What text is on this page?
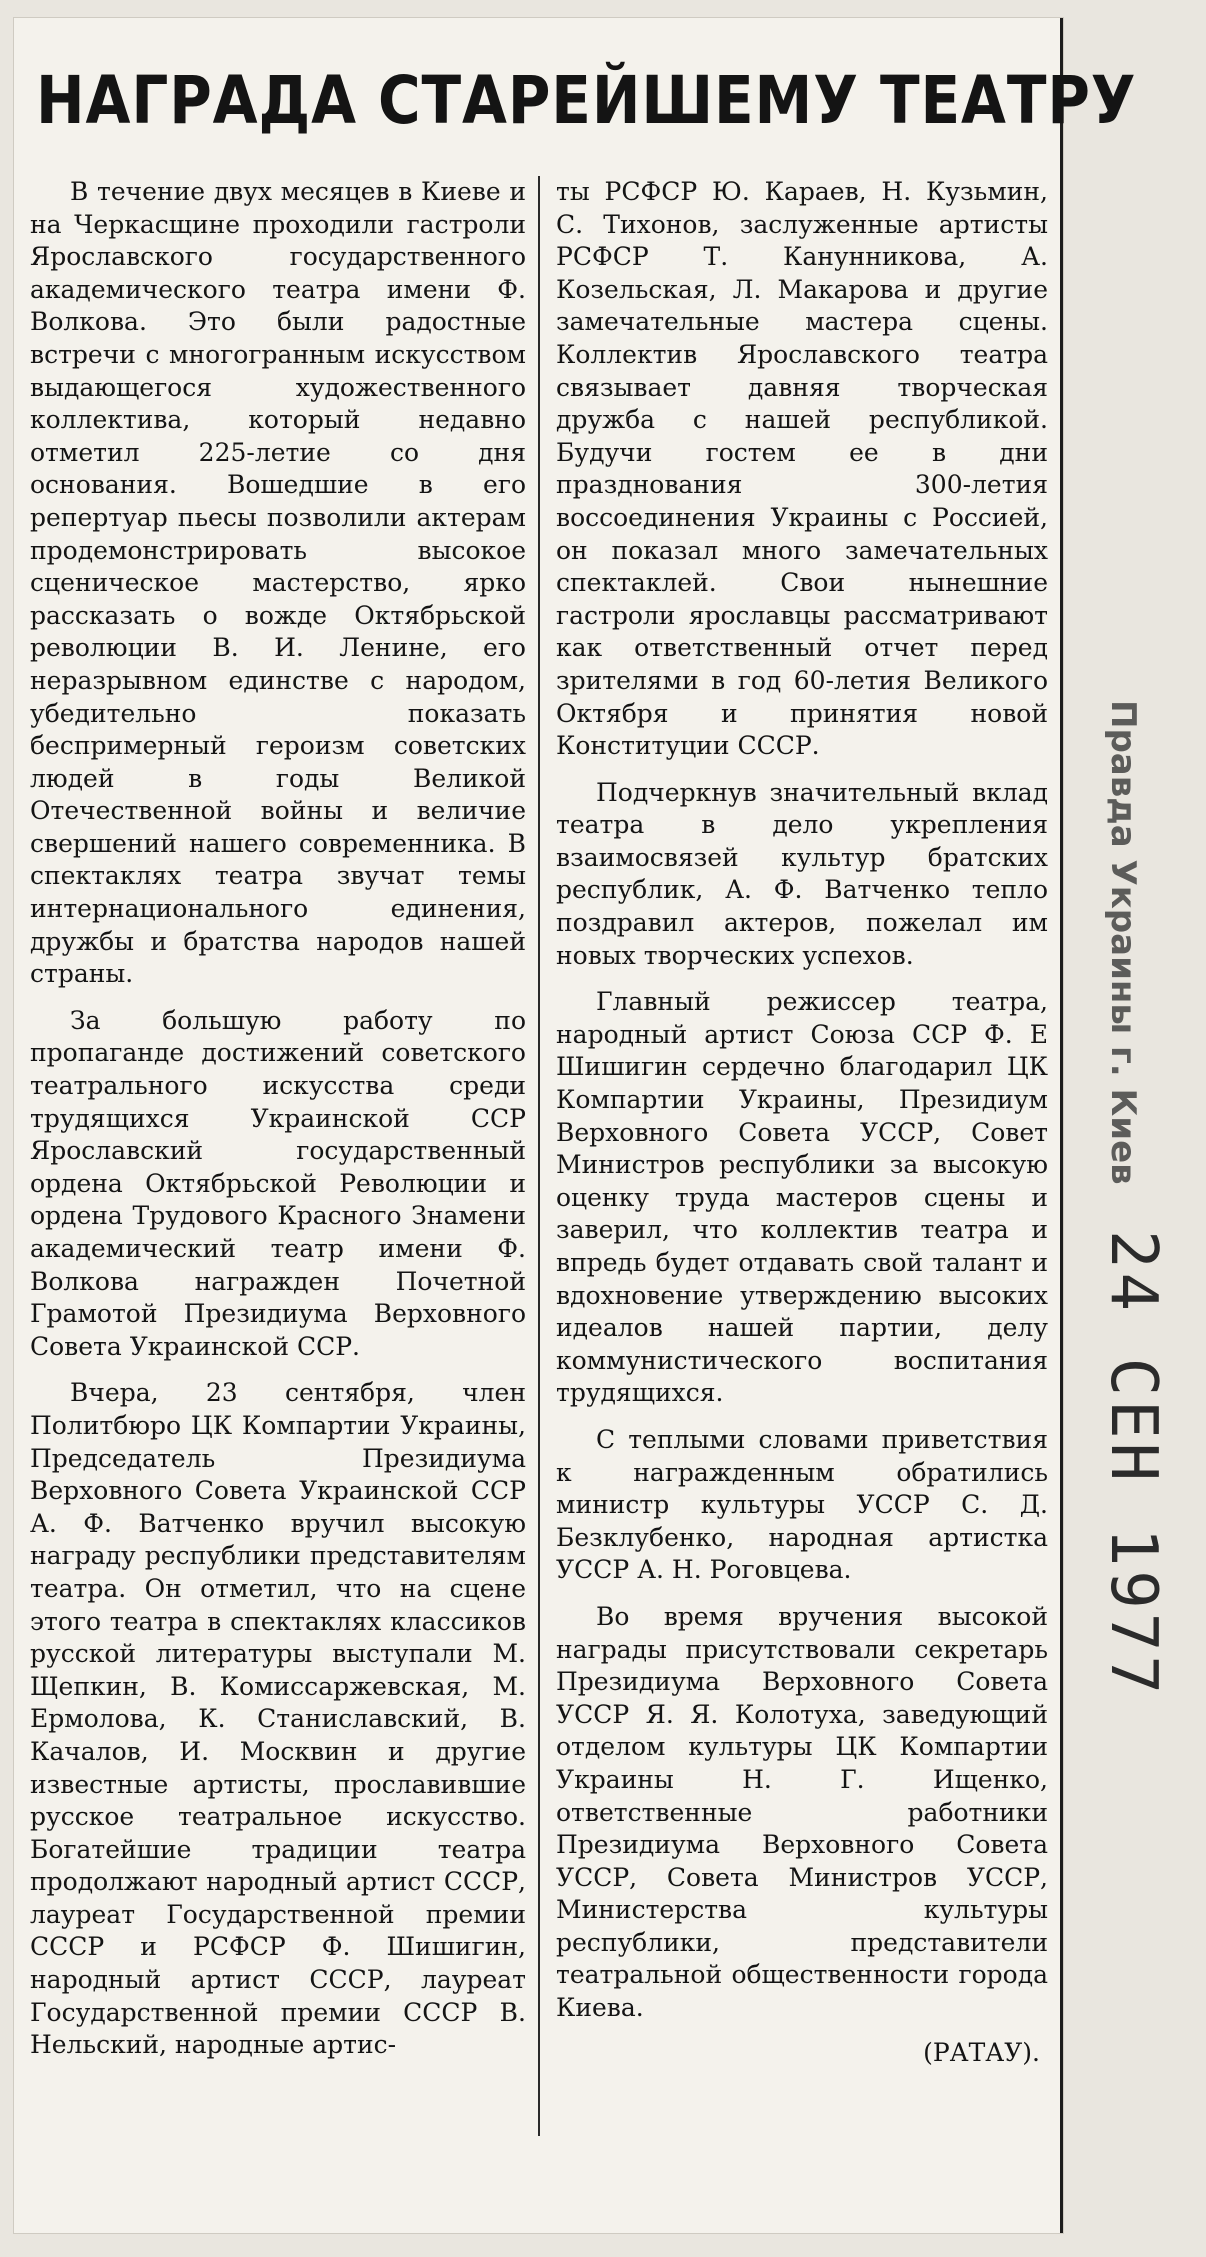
НАГРАДА СТАРЕЙШЕМУ ТЕАТРУ

В течение двух месяцев в Киеве и на Черкасщине проходили гастроли Ярославского государственного академического театра имени Ф. Волкова. Это были радостные встречи с многогранным искусством выдающегося художественного коллектива, который недавно отметил 225-летие со дня основания. Вошедшие в его репертуар пьесы позволили актерам продемонстрировать высокое сценическое мастерство, ярко рассказать о вожде Октябрьской революции В. И. Ленине, его неразрывном единстве с народом, убедительно показать беспримерный героизм советских людей в годы Великой Отечественной войны и величие свершений нашего современника. В спектаклях театра звучат темы интернационального единения, дружбы и братства народов нашей страны.

За большую работу по пропаганде достижений советского театрального искусства среди трудящихся Украинской ССР Ярославский государственный ордена Октябрьской Революции и ордена Трудового Красного Знамени академический театр имени Ф. Волкова награжден Почетной Грамотой Президиума Верховного Совета Украинской ССР.

Вчера, 23 сентября, член Политбюро ЦК Компартии Украины, Председатель Президиума Верховного Совета Украинской ССР А. Ф. Ватченко вручил высокую награду республики представителям театра. Он отметил, что на сцене этого театра в спектаклях классиков русской литературы выступали М. Щепкин, В. Комиссаржевская, М. Ермолова, К. Станиславский, В. Качалов, И. Москвин и другие известные артисты, прославившие русское театральное искусство. Богатейшие традиции театра продолжают народный артист СССР, лауреат Государственной премии СССР и РСФСР Ф. Шишигин, народный артист СССР, лауреат Государственной премии СССР В. Нельский, народные артис-

ты РСФСР Ю. Караев, Н. Кузьмин, С. Тихонов, заслуженные артисты РСФСР Т. Канунникова, А. Козельская, Л. Макарова и другие замечательные мастера сцены. Коллектив Ярославского театра связывает давняя творческая дружба с нашей республикой. Будучи гостем ее в дни празднования 300-летия воссоединения Украины с Россией, он показал много замечательных спектаклей. Свои нынешние гастроли ярославцы рассматривают как ответственный отчет перед зрителями в год 60-летия Великого Октября и принятия новой Конституции СССР.

Подчеркнув значительный вклад театра в дело укрепления взаимосвязей культур братских республик, А. Ф. Ватченко тепло поздравил актеров, пожелал им новых творческих успехов.

Главный режиссер театра, народный артист Союза ССР Ф. Е Шишигин сердечно благодарил ЦК Компартии Украины, Президиум Верховного Совета УССР, Совет Министров республики за высокую оценку труда мастеров сцены и заверил, что коллектив театра и впредь будет отдавать свой талант и вдохновение утверждению высоких идеалов нашей партии, делу коммунистического воспитания трудящихся.

С теплыми словами приветствия к награжденным обратились министр культуры УССР С. Д. Безклубенко, народная артистка УССР А. Н. Роговцева.

Во время вручения высокой награды присутствовали секретарь Президиума Верховного Совета УССР Я. Я. Колотуха, заведующий отделом культуры ЦК Компартии Украины Н. Г. Ищенко, ответственные работники Президиума Верховного Совета УССР, Совета Министров УССР, Министерства культуры республики, представители театральной общественности города Киева.

(РАТАУ).

Правда Украины г. Киев
24 СЕН 1977
